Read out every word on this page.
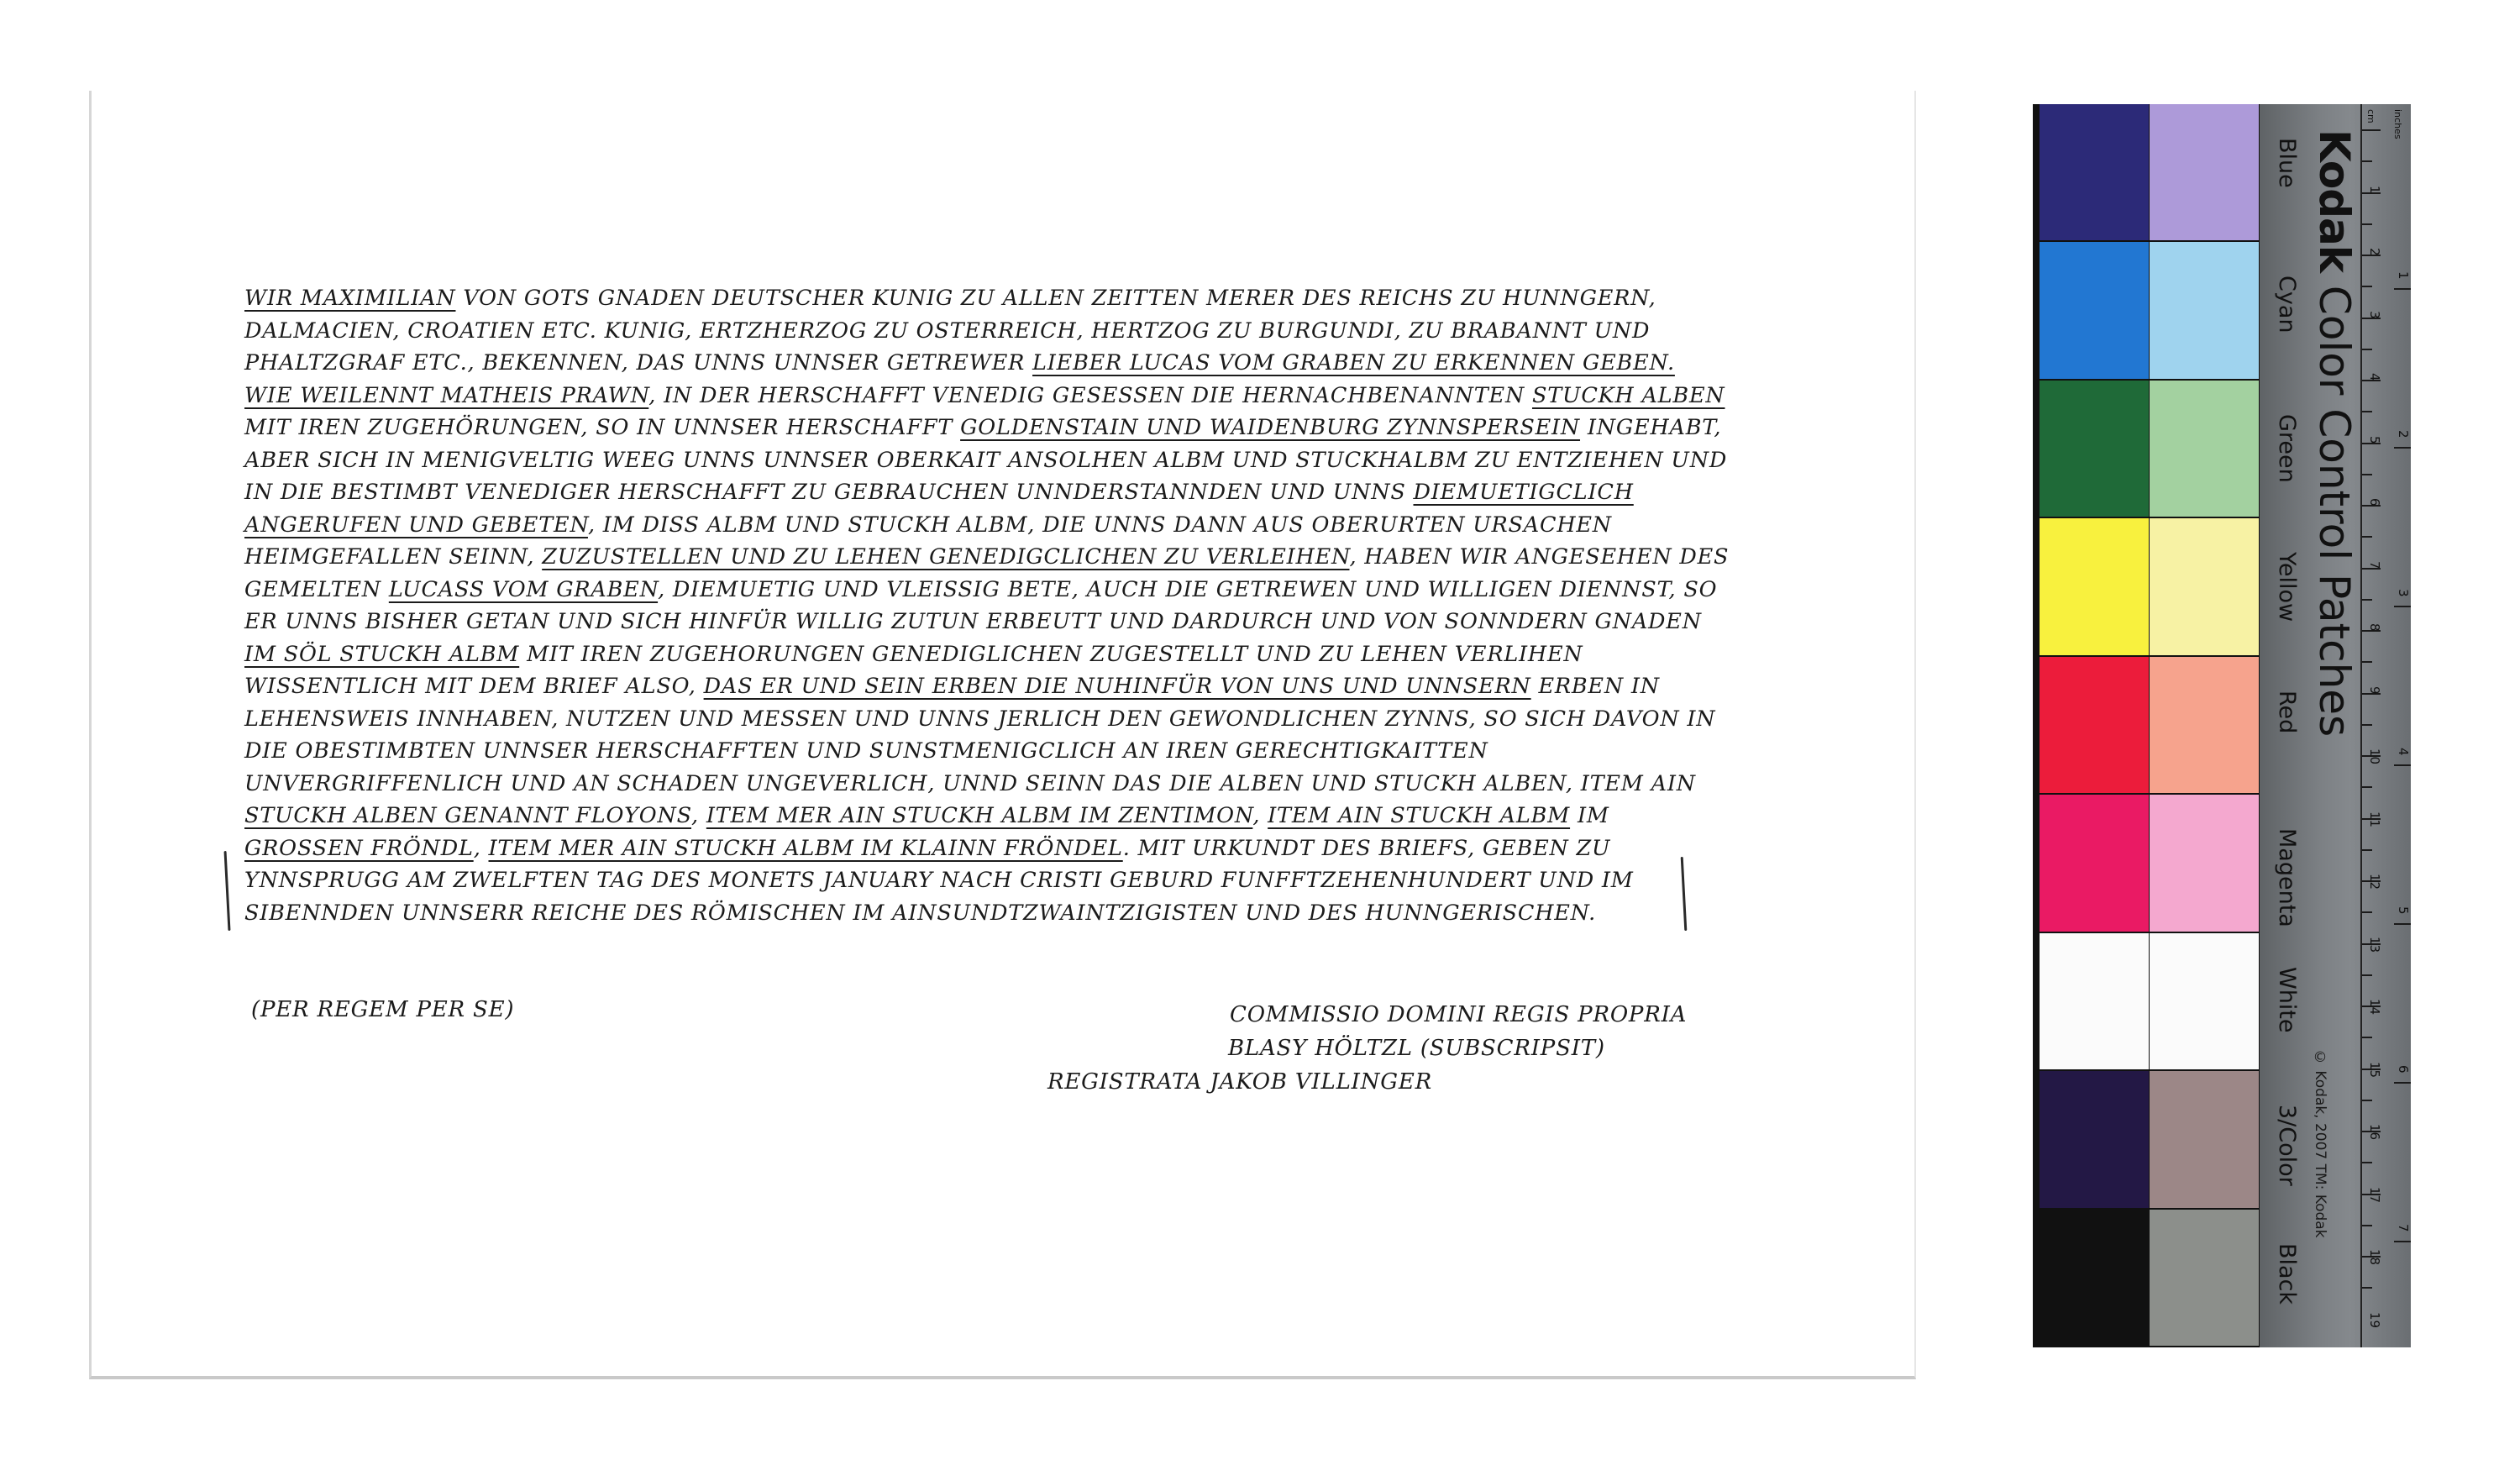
WIR MAXIMILIAN VON GOTS GNADEN DEUTSCHER KUNIG ZU ALLEN ZEITTEN MERER DES REICHS ZU HUNNGERN,
DALMACIEN, CROATIEN ETC. KUNIG, ERTZHERZOG ZU OSTERREICH, HERTZOG ZU BURGUNDI, ZU BRABANNT UND
PHALTZGRAF ETC., BEKENNEN, DAS UNNS UNNSER GETREWER LIEBER LUCAS VOM GRABEN ZU ERKENNEN GEBEN.
WIE WEILENNT MATHEIS PRAWN, IN DER HERSCHAFFT VENEDIG GESESSEN DIE HERNACHBENANNTEN STUCKH ALBEN
MIT IREN ZUGEHÖRUNGEN, SO IN UNNSER HERSCHAFFT GOLDENSTAIN UND WAIDENBURG ZYNNSPERSEIN INGEHABT,
ABER SICH IN MENIGVELTIG WEEG UNNS UNNSER OBERKAIT ANSOLHEN ALBM UND STUCKHALBM ZU ENTZIEHEN UND
IN DIE BESTIMBT VENEDIGER HERSCHAFFT ZU GEBRAUCHEN UNNDERSTANNDEN UND UNNS DIEMUETIGCLICH
ANGERUFEN UND GEBETEN, IM DISS ALBM UND STUCKH ALBM, DIE UNNS DANN AUS OBERURTEN URSACHEN
HEIMGEFALLEN SEINN, ZUZUSTELLEN UND ZU LEHEN GENEDIGCLICHEN ZU VERLEIHEN, HABEN WIR ANGESEHEN DES
GEMELTEN LUCASS VOM GRABEN, DIEMUETIG UND VLEISSIG BETE, AUCH DIE GETREWEN UND WILLIGEN DIENNST, SO
ER UNNS BISHER GETAN UND SICH HINFÜR WILLIG ZUTUN ERBEUTT UND DARDURCH UND VON SONNDERN GNADEN
IM SÖL STUCKH ALBM MIT IREN ZUGEHORUNGEN GENEDIGLICHEN ZUGESTELLT UND ZU LEHEN VERLIHEN
WISSENTLICH MIT DEM BRIEF ALSO, DAS ER UND SEIN ERBEN DIE NUHINFÜR VON UNS UND UNNSERN ERBEN IN
LEHENSWEIS INNHABEN, NUTZEN UND MESSEN UND UNNS JERLICH DEN GEWONDLICHEN ZYNNS, SO SICH DAVON IN
DIE OBESTIMBTEN UNNSER HERSCHAFFTEN UND SUNSTMENIGCLICH AN IREN GERECHTIGKAITTEN
UNVERGRIFFENLICH UND AN SCHADEN UNGEVERLICH, UNND SEINN DAS DIE ALBEN UND STUCKH ALBEN, ITEM AIN
STUCKH ALBEN GENANNT FLOYONS, ITEM MER AIN STUCKH ALBM IM ZENTIMON, ITEM AIN STUCKH ALBM IM
GROSSEN FRÖNDL, ITEM MER AIN STUCKH ALBM IM KLAINN FRÖNDEL. MIT URKUNDT DES BRIEFS, GEBEN ZU
YNNSPRUGG AM ZWELFTEN TAG DES MONETS JANUARY NACH CRISTI GEBURD FUNFFTZEHENHUNDERT UND IM
SIBENNDEN UNNSERR REICHE DES RÖMISCHEN IM AINSUNDTZWAINTZIGISTEN UND DES HUNNGERISCHEN.
(PER REGEM PER SE)	COMMISSIO DOMINI REGIS PROPRIA
BLASY HÖLTZL (SUBSCRIPSIT)
REGISTRATA JAKOB VILLINGER
Kodak Color Control Patches
© Kodak, 2007 TM: Kodak
cm inches
1
2
3
4
5
6
7
8
9
10
11
12
13
14
15
16
17
18
19
1
2
3
4
5
6
7
Blue
Cyan
Green
Yellow
Red
Magenta
White
3/Color
Black
